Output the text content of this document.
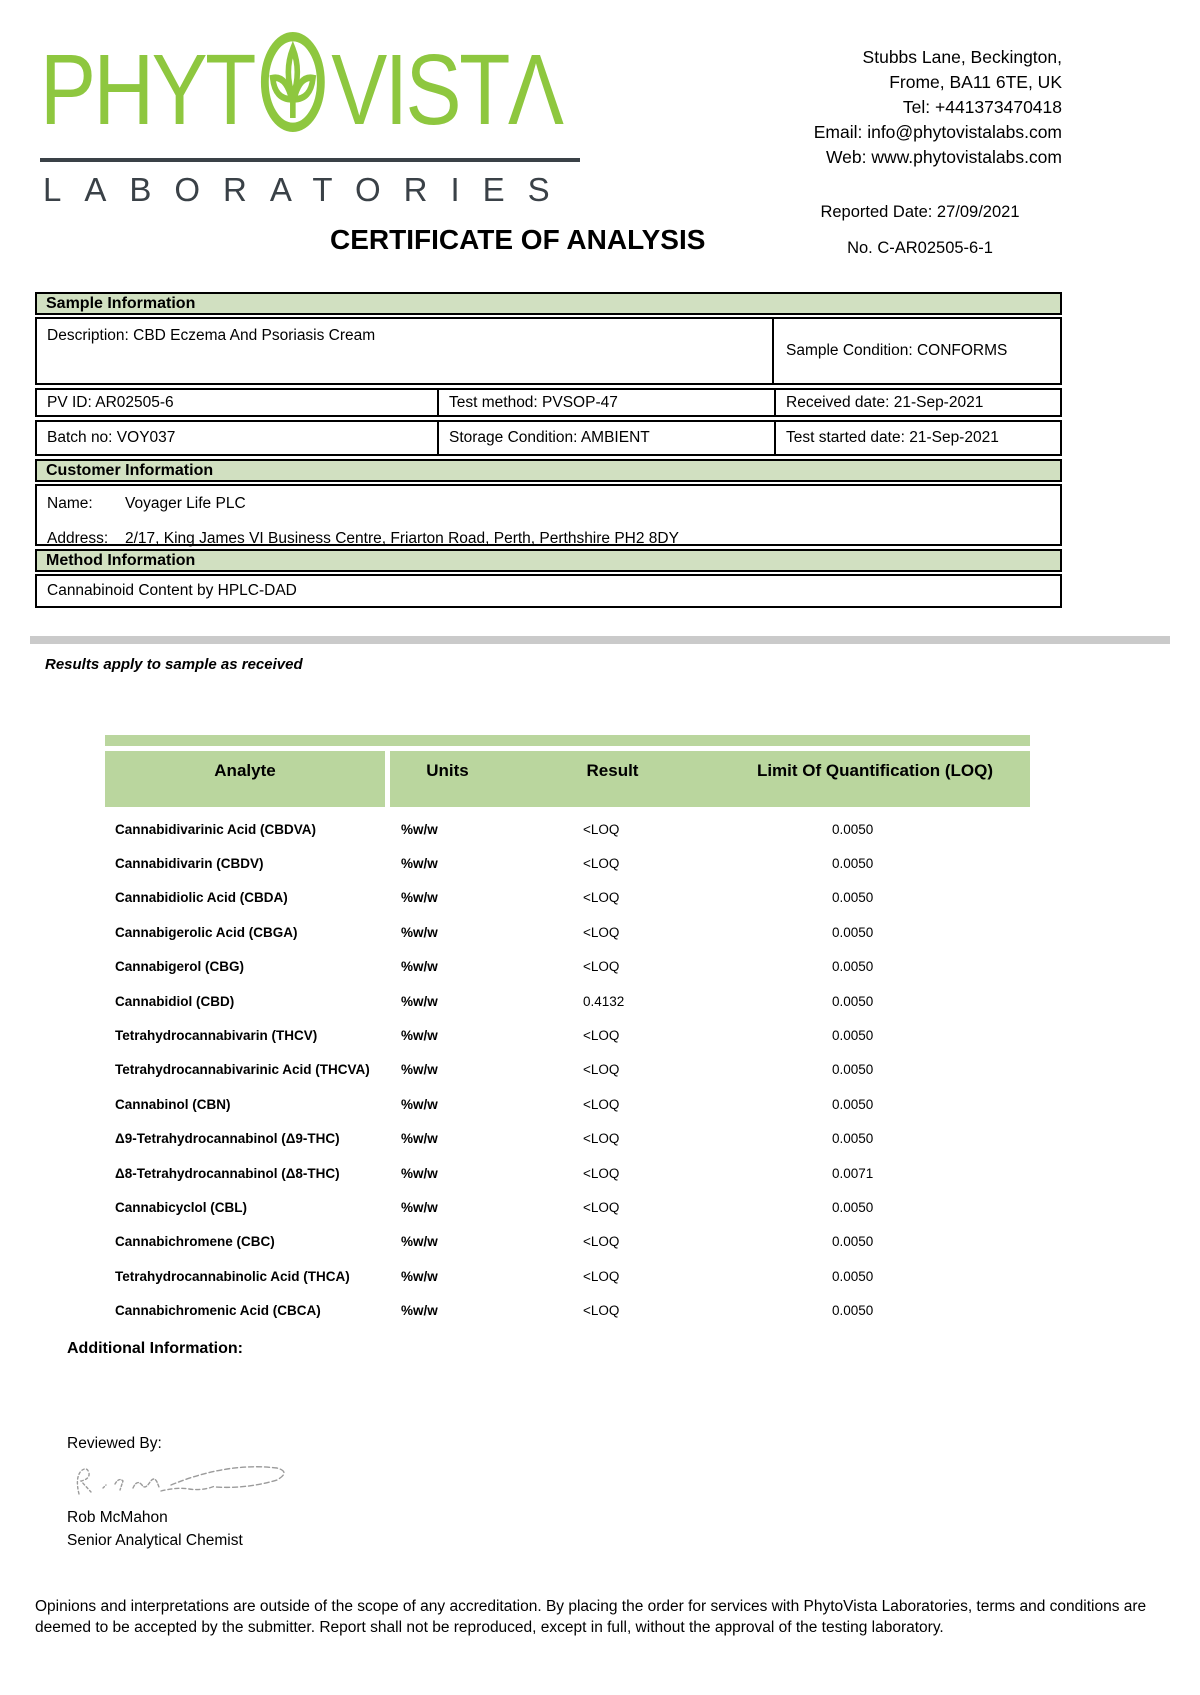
PHYT VISTΛ
LABORATORIES
Stubbs Lane, Beckington,
Frome, BA11 6TE, UK
Tel: +441373470418
Email: info@phytovistalabs.com
Web: www.phytovistalabs.com
Reported Date: 27/09/2021
No. C-AR02505-6-1
CERTIFICATE OF ANALYSIS
Sample Information
Description: CBD Eczema And Psoriasis Cream
Sample Condition: CONFORMS
PV ID: AR02505-6	Test method: PVSOP-47	Received date: 21-Sep-2021
Batch no: VOY037	Storage Condition: AMBIENT	Test started date: 21-Sep-2021
Customer Information
Name:	Voyager Life PLC
Address:	2/17, King James VI Business Centre, Friarton Road, Perth, Perthshire PH2 8DY
Method Information
Cannabinoid Content by HPLC-DAD
Results apply to sample as received
Analyte	Units	Result	Limit Of Quantification (LOQ)
Cannabidivarinic Acid (CBDVA)	%w/w	<LOQ	0.0050
Cannabidivarin (CBDV)	%w/w	<LOQ	0.0050
Cannabidiolic Acid (CBDA)	%w/w	<LOQ	0.0050
Cannabigerolic Acid (CBGA)	%w/w	<LOQ	0.0050
Cannabigerol (CBG)	%w/w	<LOQ	0.0050
Cannabidiol (CBD)	%w/w	0.4132	0.0050
Tetrahydrocannabivarin (THCV)	%w/w	<LOQ	0.0050
Tetrahydrocannabivarinic Acid (THCVA)	%w/w	<LOQ	0.0050
Cannabinol (CBN)	%w/w	<LOQ	0.0050
Δ9-Tetrahydrocannabinol (Δ9-THC)	%w/w	<LOQ	0.0050
Δ8-Tetrahydrocannabinol (Δ8-THC)	%w/w	<LOQ	0.0071
Cannabicyclol (CBL)	%w/w	<LOQ	0.0050
Cannabichromene (CBC)	%w/w	<LOQ	0.0050
Tetrahydrocannabinolic Acid (THCA)	%w/w	<LOQ	0.0050
Cannabichromenic Acid (CBCA)	%w/w	<LOQ	0.0050
Additional Information:
Reviewed By:
Rob McMahon
Senior Analytical Chemist
Opinions and interpretations are outside of the scope of any accreditation. By placing the order for services with PhytoVista Laboratories, terms and conditions are deemed to be accepted by the submitter. Report shall not be reproduced, except in full, without the approval of the testing laboratory.
